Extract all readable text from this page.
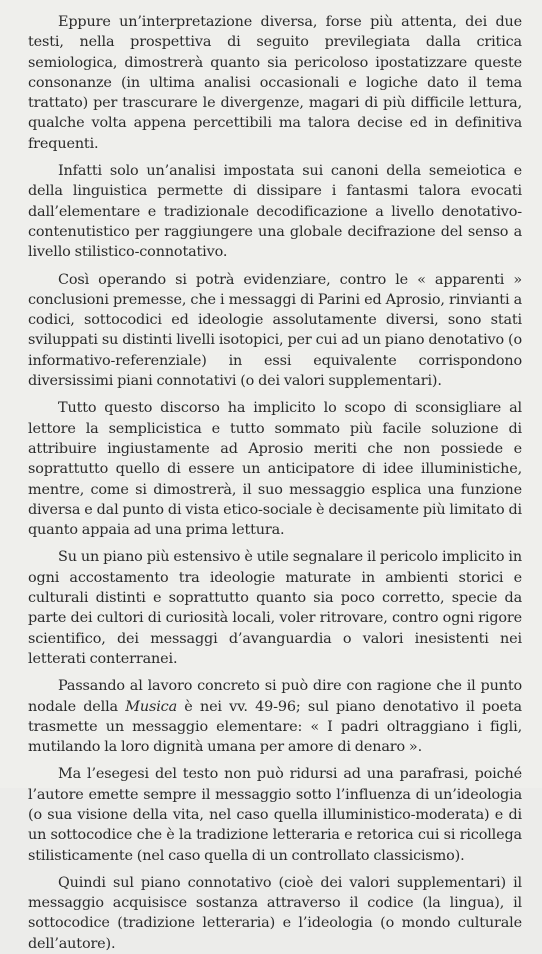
Eppure un’interpretazione diversa, forse più attenta, dei due testi, nella prospettiva di seguito previlegiata dalla critica semiologica, dimostrerà quanto sia pericoloso ipostatizzare queste consonanze (in ultima analisi occasionali e logiche dato il tema trattato) per trascurare le divergenze, magari di più difficile lettura, qualche volta appena percettibili ma talora decise ed in definitiva frequenti.

Infatti solo un’analisi impostata sui canoni della semeiotica e della linguistica permette di dissipare i fantasmi talora evocati dall’elementare e tradizionale decodificazione a livello denotativo-contenutistico per raggiungere una globale decifrazione del senso a livello stilistico-connotativo.

Così operando si potrà evidenziare, contro le « apparenti » conclusioni premesse, che i messaggi di Parini ed Aprosio, rinvianti a codici, sottocodici ed ideologie assolutamente diversi, sono stati sviluppati su distinti livelli isotopici, per cui ad un piano denotativo (o informativo-referenziale) in essi equivalente corrispondono diversissimi piani connotativi (o dei valori supplementari).

Tutto questo discorso ha implicito lo scopo di sconsigliare al lettore la semplicistica e tutto sommato più facile soluzione di attribuire ingiustamente ad Aprosio meriti che non possiede e soprattutto quello di essere un anticipatore di idee illuministiche, mentre, come si dimostrerà, il suo messaggio esplica una funzione diversa e dal punto di vista etico-sociale è decisamente più limitato di quanto appaia ad una prima lettura.

Su un piano più estensivo è utile segnalare il pericolo implicito in ogni accostamento tra ideologie maturate in ambienti storici e culturali distinti e soprattutto quanto sia poco corretto, specie da parte dei cultori di curiosità locali, voler ritrovare, contro ogni rigore scientifico, dei messaggi d’avanguardia o valori inesistenti nei letterati conterranei.

Passando al lavoro concreto si può dire con ragione che il punto nodale della Musica è nei vv. 49-96; sul piano denotativo il poeta trasmette un messaggio elementare: « I padri oltraggiano i figli, mutilando la loro dignità umana per amore di denaro ».

Ma l’esegesi del testo non può ridursi ad una parafrasi, poiché l’autore emette sempre il messaggio sotto l’influenza di un’ideologia (o sua visione della vita, nel caso quella illuministico-moderata) e di un sottocodice che è la tradizione letteraria e retorica cui si ricollega stilisticamente (nel caso quella di un controllato classicismo).

Quindi sul piano connotativo (cioè dei valori supplementari) il messaggio acquisisce sostanza attraverso il codice (la lingua), il sottocodice (tradizione letteraria) e l’ideologia (o mondo culturale dell’autore).
